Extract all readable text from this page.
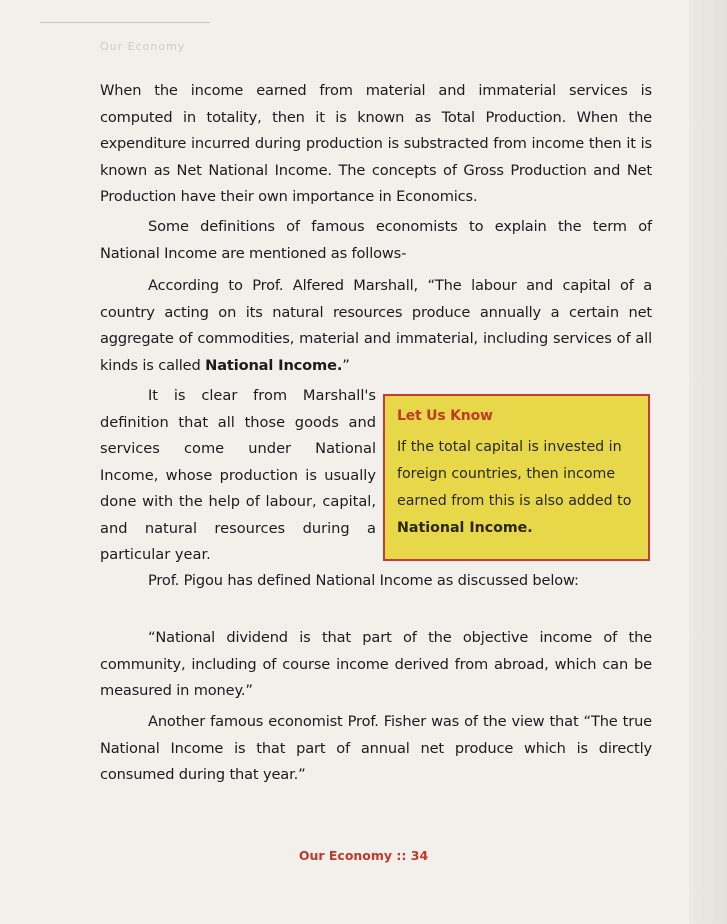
Our Economy

When the income earned from material and immaterial services is computed in totality, then it is known as Total Production. When the expenditure incurred during production is substracted from income then it is known as Net National Income. The concepts of Gross Production and Net Production have their own importance in Economics.

Some definitions of famous economists to explain the term of National Income are mentioned as follows-

According to Prof. Alfered Marshall, “The labour and capital of a country acting on its natural resources produce annually a certain net aggregate of commodities, material and immaterial, including services of all kinds is called National Income.”

It is clear from Marshall's definition that all those goods and services come under National Income, whose production is usually done with the help of labour, capital, and natural resources during a particular year.

Let Us Know
If the total capital is invested in foreign countries, then income earned from this is also added to National Income.

Prof. Pigou has defined National Income as discussed below:

“National dividend is that part of the objective income of the community, including of course income derived from abroad, which can be measured in money.”

Another famous economist Prof. Fisher was of the view that “The true National Income is that part of annual net produce which is directly consumed during that year.”

Our Economy :: 34
